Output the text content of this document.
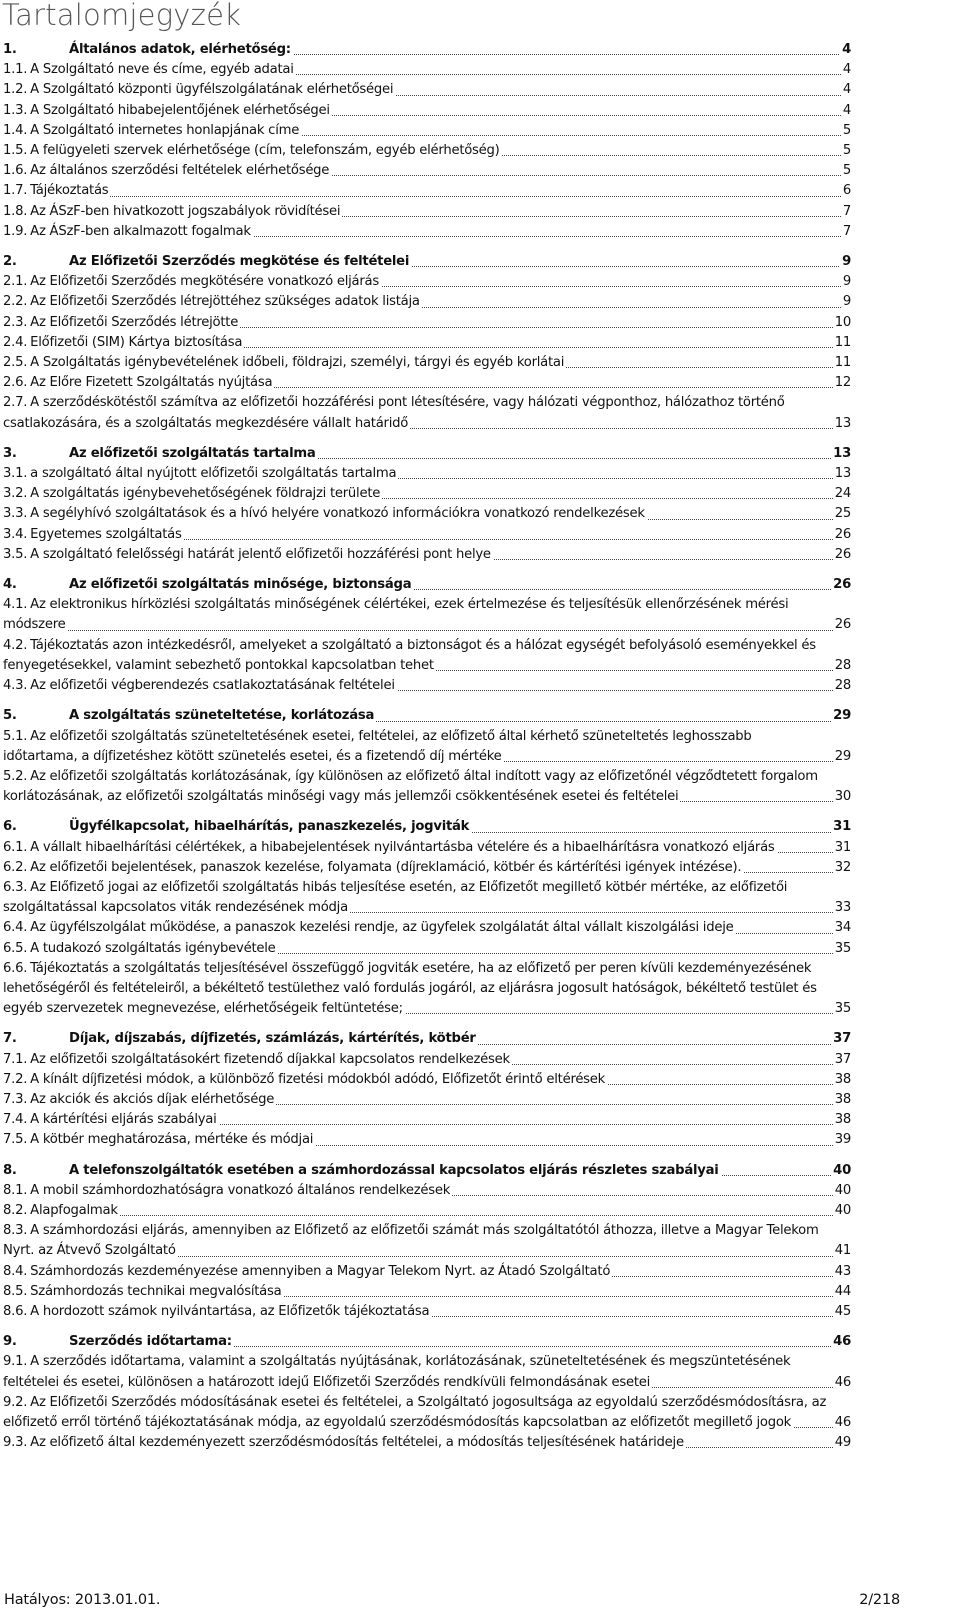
Tartalomjegyzék
1.	Általános adatok, elérhetőség:	4
1.1. A Szolgáltató neve és címe, egyéb adatai	4
1.2. A Szolgáltató központi ügyfélszolgálatának elérhetőségei	4
1.3. A Szolgáltató hibabejelentőjének elérhetőségei	4
1.4. A Szolgáltató internetes honlapjának címe	5
1.5. A felügyeleti szervek elérhetősége (cím, telefonszám, egyéb elérhetőség)	5
1.6. Az általános szerződési feltételek elérhetősége	5
1.7. Tájékoztatás	6
1.8. Az ÁSzF-ben hivatkozott jogszabályok rövidítései	7
1.9. Az ÁSzF-ben alkalmazott fogalmak	7
2.	Az Előfizetői Szerződés megkötése és feltételei	9
2.1. Az Előfizetői Szerződés megkötésére vonatkozó eljárás	9
2.2. Az Előfizetői Szerződés létrejöttéhez szükséges adatok listája	9
2.3. Az Előfizetői Szerződés létrejötte	10
2.4. Előfizetői (SIM) Kártya biztosítása	11
2.5. A Szolgáltatás igénybevételének időbeli, földrajzi, személyi, tárgyi és egyéb korlátai	11
2.6. Az Előre Fizetett Szolgáltatás nyújtása	12
2.7. A szerződéskötéstől számítva az előfizetői hozzáférési pont létesítésére, vagy hálózati végponthoz, hálózathoz történő csatlakozására, és a szolgáltatás megkezdésére vállalt határidő	13
3.	Az előfizetői szolgáltatás tartalma	13
3.1. a szolgáltató által nyújtott előfizetői szolgáltatás tartalma	13
3.2. A szolgáltatás igénybevehetőségének földrajzi területe	24
3.3. A segélyhívó szolgáltatások és a hívó helyére vonatkozó információkra vonatkozó rendelkezések	25
3.4. Egyetemes szolgáltatás	26
3.5. A szolgáltató felelősségi határát jelentő előfizetői hozzáférési pont helye	26
4.	Az előfizetői szolgáltatás minősége, biztonsága	26
4.1. Az elektronikus hírközlési szolgáltatás minőségének célértékei, ezek értelmezése és teljesítésük ellenőrzésének mérési módszere	26
4.2. Tájékoztatás azon intézkedésről, amelyeket a szolgáltató a biztonságot és a hálózat egységét befolyásoló eseményekkel és fenyegetésekkel, valamint sebezhető pontokkal kapcsolatban tehet	28
4.3. Az előfizetői végberendezés csatlakoztatásának feltételei	28
5.	A szolgáltatás szüneteltetése, korlátozása	29
5.1. Az előfizetői szolgáltatás szüneteltetésének esetei, feltételei, az előfizető által kérhető szüneteltetés leghosszabb időtartama, a díjfizetéshez kötött szünetelés esetei, és a fizetendő díj mértéke	29
5.2. Az előfizetői szolgáltatás korlátozásának, így különösen az előfizető által indított vagy az előfizetőnél végződtetett forgalom korlátozásának, az előfizetői szolgáltatás minőségi vagy más jellemzői csökkentésének esetei és feltételei	30
6.	Ügyfélkapcsolat, hibaelhárítás, panaszkezelés, jogviták	31
6.1. A vállalt hibaelhárítási célértékek, a hibabejelentések nyilvántartásba vételére és a hibaelhárításra vonatkozó eljárás	31
6.2. Az előfizetői bejelentések, panaszok kezelése, folyamata (díjreklamáció, kötbér és kártérítési igények intézése).	32
6.3. Az Előfizető jogai az előfizetői szolgáltatás hibás teljesítése esetén, az Előfizetőt megillető kötbér mértéke, az előfizetői szolgáltatással kapcsolatos viták rendezésének módja	33
6.4. Az ügyfélszolgálat működése, a panaszok kezelési rendje, az ügyfelek szolgálatát által vállalt kiszolgálási ideje	34
6.5. A tudakozó szolgáltatás igénybevétele	35
6.6. Tájékoztatás a szolgáltatás teljesítésével összefüggő jogviták esetére, ha az előfizető per peren kívüli kezdeményezésének lehetőségéről és feltételeiről, a békéltető testülethez való fordulás jogáról, az eljárásra jogosult hatóságok, békéltető testület és egyéb szervezetek megnevezése, elérhetőségeik feltüntetése;	35
7.	Díjak, díjszabás, díjfizetés, számlázás, kártérítés, kötbér	37
7.1. Az előfizetői szolgáltatásokért fizetendő díjakkal kapcsolatos rendelkezések	37
7.2. A kínált díjfizetési módok, a különböző fizetési módokból adódó, Előfizetőt érintő eltérések	38
7.3. Az akciók és akciós díjak elérhetősége	38
7.4. A kártérítési eljárás szabályai	38
7.5. A kötbér meghatározása, mértéke és módjai	39
8.	A telefonszolgáltatók esetében a számhordozással kapcsolatos eljárás részletes szabályai	40
8.1. A mobil számhordozhatóságra vonatkozó általános rendelkezések	40
8.2. Alapfogalmak	40
8.3. A számhordozási eljárás, amennyiben az Előfizető az előfizetői számát más szolgáltatótól áthozza, illetve a Magyar Telekom Nyrt. az Átvevő Szolgáltató	41
8.4. Számhordozás kezdeményezése amennyiben a Magyar Telekom Nyrt. az Átadó Szolgáltató	43
8.5. Számhordozás technikai megvalósítása	44
8.6. A hordozott számok nyilvántartása, az Előfizetők tájékoztatása	45
9.	Szerződés időtartama:	46
9.1. A szerződés időtartama, valamint a szolgáltatás nyújtásának, korlátozásának, szüneteltetésének és megszüntetésének feltételei és esetei, különösen a határozott idejű Előfizetői Szerződés rendkívüli felmondásának esetei	46
9.2. Az Előfizetői Szerződés módosításának esetei és feltételei, a Szolgáltató jogosultsága az egyoldalú szerződésmódosításra, az előfizető erről történő tájékoztatásának módja, az egyoldalú szerződésmódosítás kapcsolatban az előfizetőt megillető jogok	46
9.3. Az előfizető által kezdeményezett szerződésmódosítás feltételei, a módosítás teljesítésének határideje	49
Hatályos: 2013.01.01.	2/218
